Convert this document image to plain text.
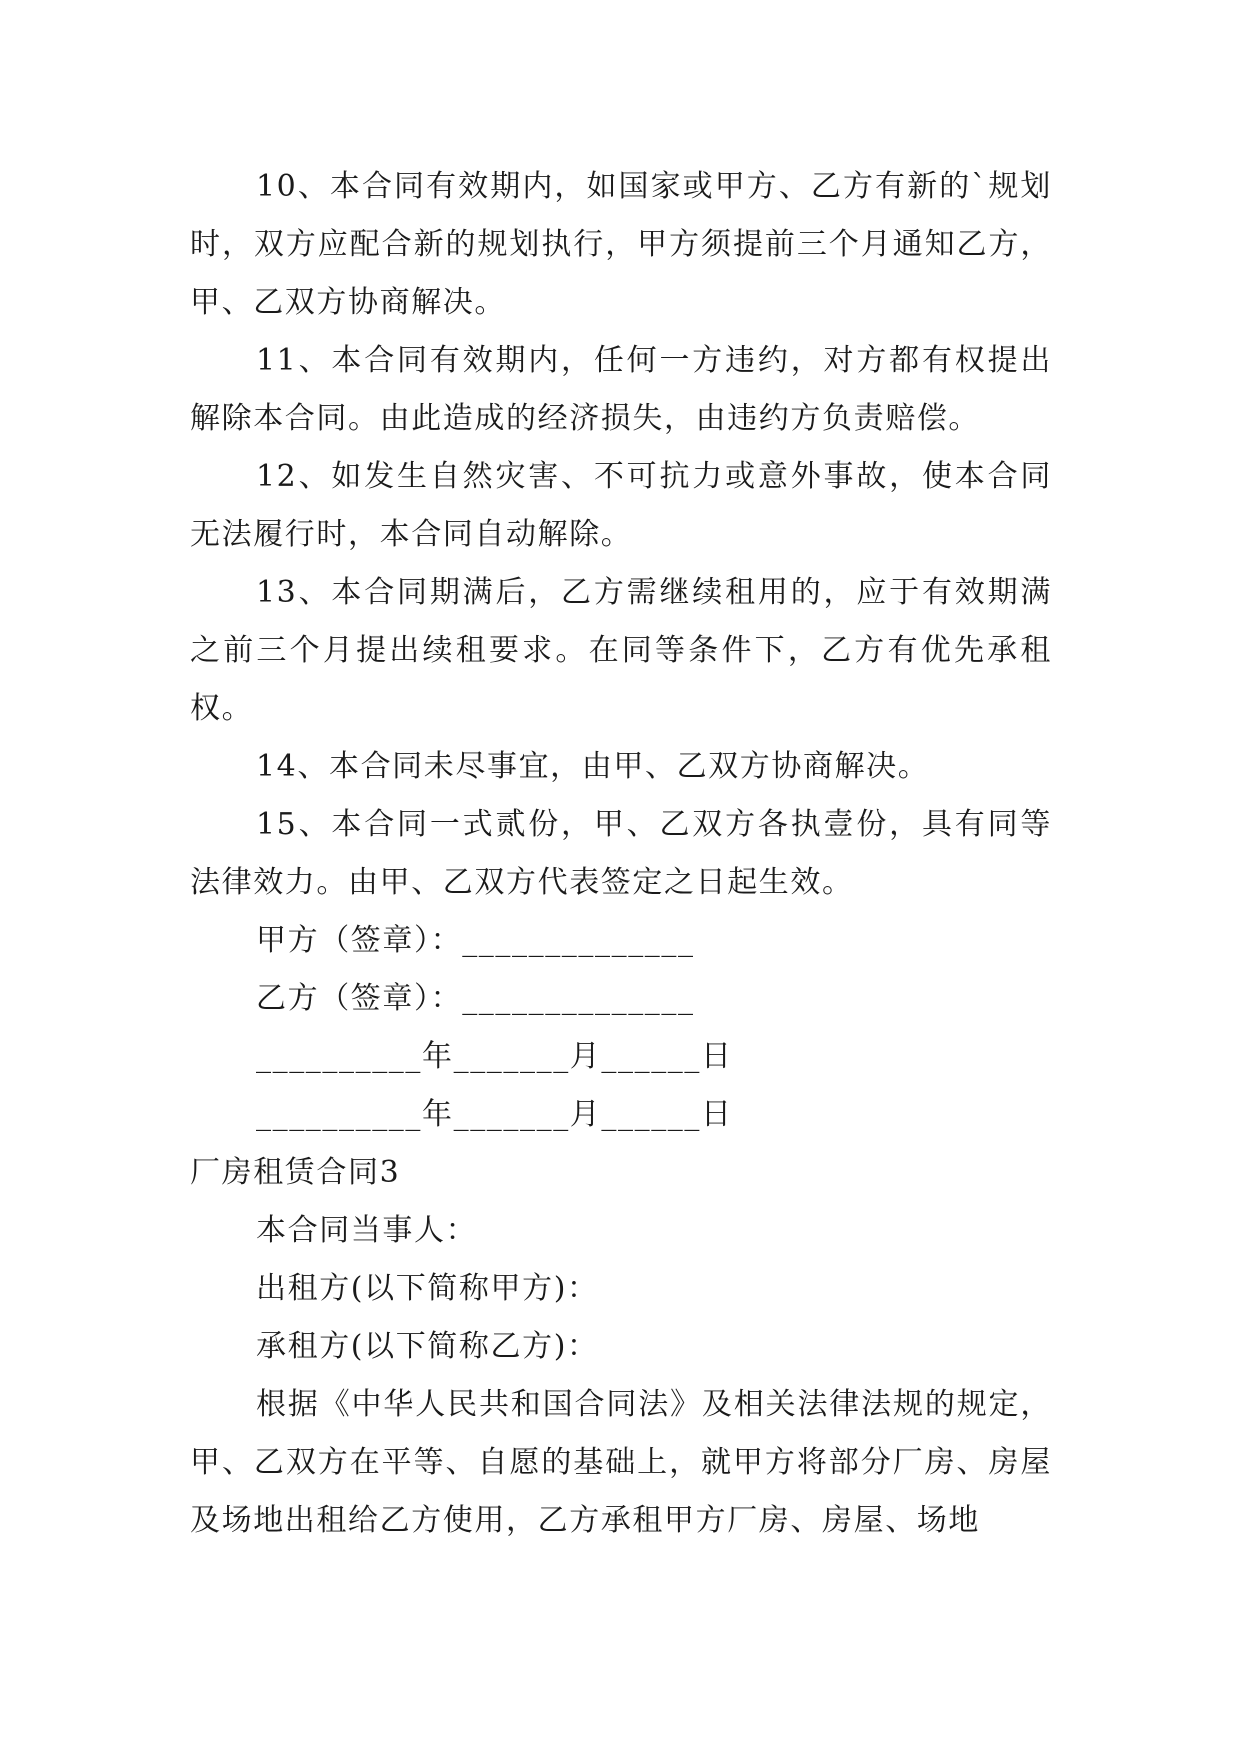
10、本合同有效期内，如国家或甲方、乙方有新的`规划时，双方应配合新的规划执行，甲方须提前三个月通知乙方，甲、乙双方协商解决。

11、本合同有效期内，任何一方违约，对方都有权提出解除本合同。由此造成的经济损失，由违约方负责赔偿。

12、如发生自然灾害、不可抗力或意外事故，使本合同无法履行时，本合同自动解除。

13、本合同期满后，乙方需继续租用的，应于有效期满之前三个月提出续租要求。在同等条件下，乙方有优先承租权。

14、本合同未尽事宜，由甲、乙双方协商解决。

15、本合同一式贰份，甲、乙双方各执壹份，具有同等法律效力。由甲、乙双方代表签定之日起生效。

甲方（签章）：______________

乙方（签章）：______________

__________年_______月______日

__________年_______月______日

厂房租赁合同3

本合同当事人：

出租方(以下简称甲方)：

承租方(以下简称乙方)：

根据《中华人民共和国合同法》及相关法律法规的规定，甲、乙双方在平等、自愿的基础上，就甲方将部分厂房、房屋及场地出租给乙方使用，乙方承租甲方厂房、房屋、场地
